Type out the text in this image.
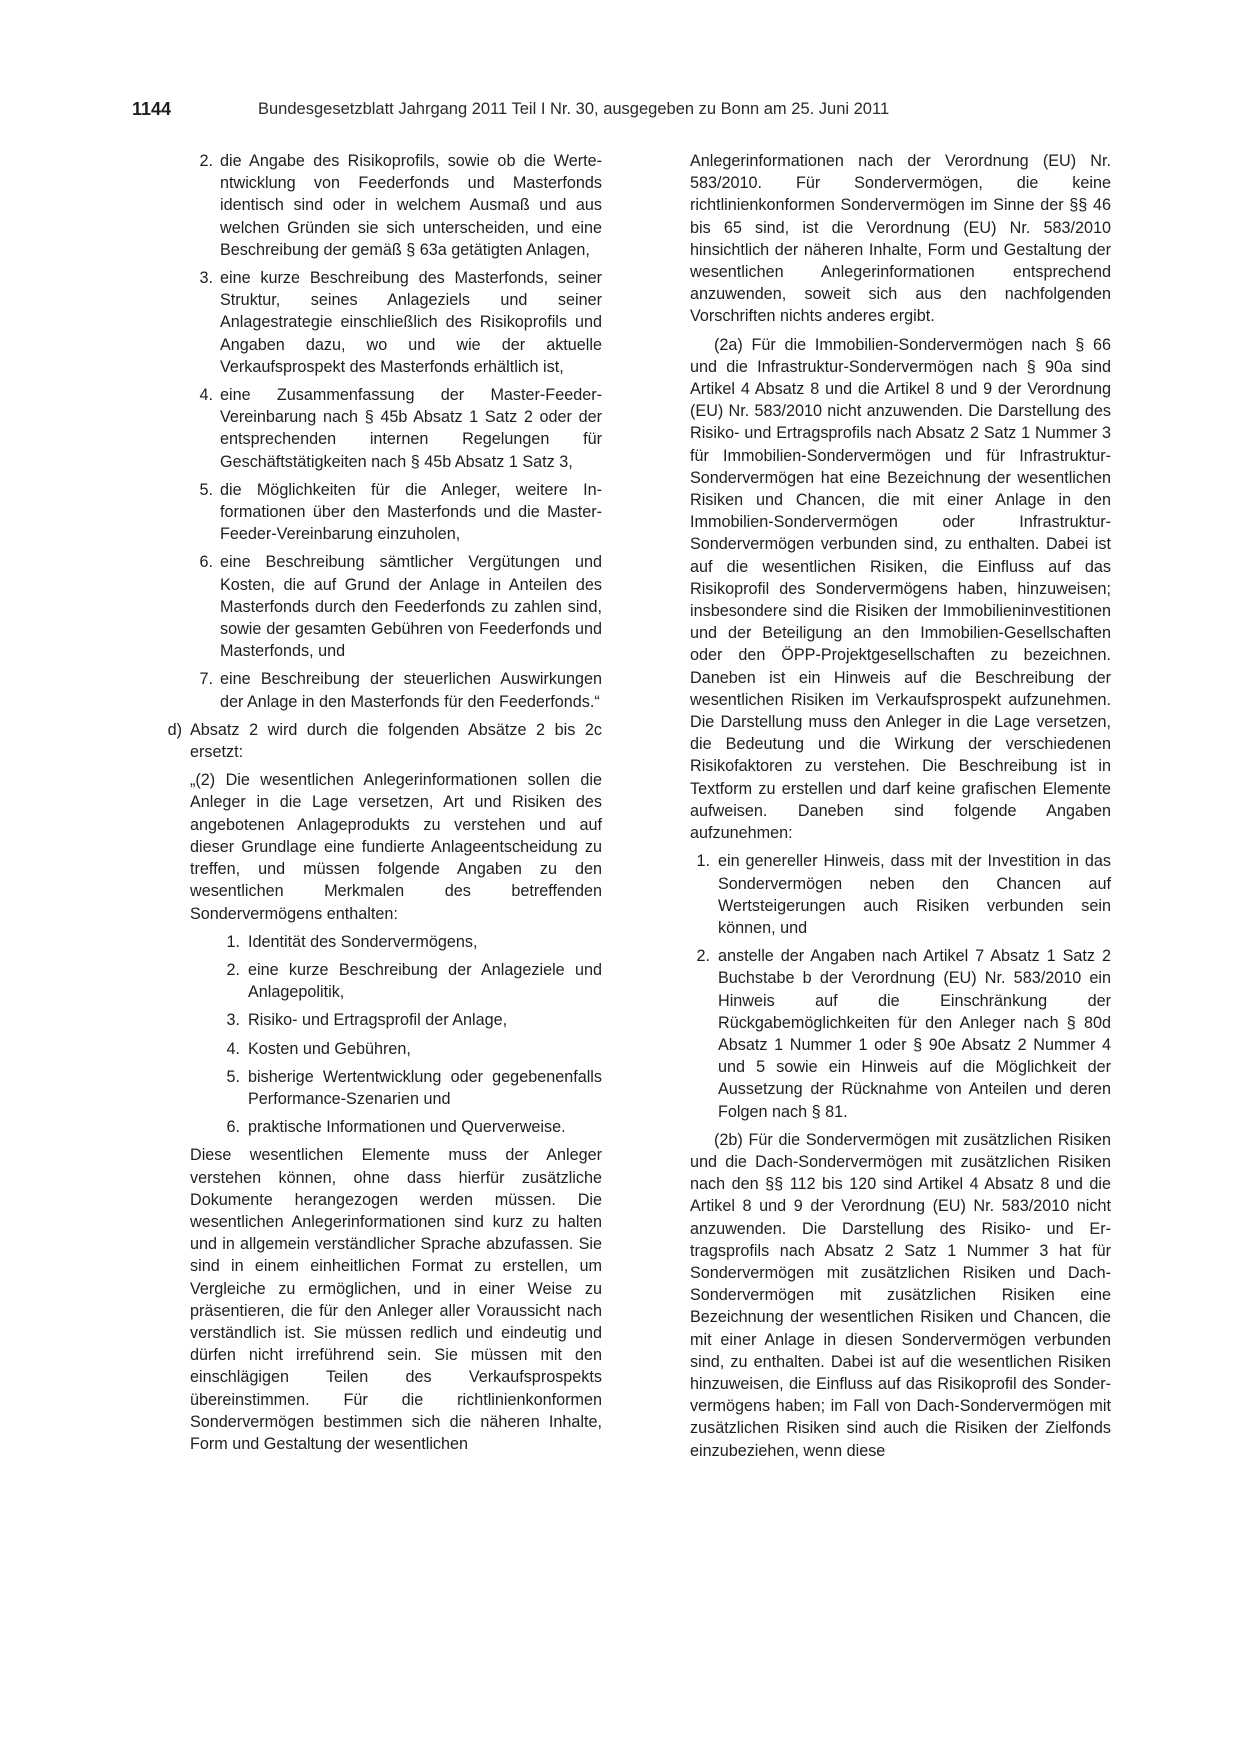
1144	Bundesgesetzblatt Jahrgang 2011 Teil I Nr. 30, ausgegeben zu Bonn am 25. Juni 2011
2. die Angabe des Risikoprofils, sowie ob die Wertentwicklung von Feederfonds und Masterfonds identisch sind oder in welchem Ausmaß und aus welchen Gründen sie sich unterscheiden, und eine Beschreibung der gemäß § 63a getätigten Anlagen,
3. eine kurze Beschreibung des Masterfonds, seiner Struktur, seines Anlageziels und seiner Anlagestrategie einschließlich des Risikoprofils und Angaben dazu, wo und wie der aktuelle Verkaufsprospekt des Masterfonds erhältlich ist,
4. eine Zusammenfassung der Master-Feeder-Vereinbarung nach § 45b Absatz 1 Satz 2 oder der entsprechenden internen Regelungen für Geschäftstätigkeiten nach § 45b Absatz 1 Satz 3,
5. die Möglichkeiten für die Anleger, weitere Informationen über den Masterfonds und die Master-Feeder-Vereinbarung einzuholen,
6. eine Beschreibung sämtlicher Vergütungen und Kosten, die auf Grund der Anlage in Anteilen des Masterfonds durch den Feederfonds zu zahlen sind, sowie der gesamten Gebühren von Feederfonds und Masterfonds, und
7. eine Beschreibung der steuerlichen Auswirkungen der Anlage in den Masterfonds für den Feederfonds.“
d) Absatz 2 wird durch die folgenden Absätze 2 bis 2c ersetzt:

„(2) Die wesentlichen Anlegerinformationen sollen die Anleger in die Lage versetzen, Art und Risiken des angebotenen Anlageprodukts zu verstehen und auf dieser Grundlage eine fundierte Anlageentscheidung zu treffen, und müssen folgende Angaben zu den wesentlichen Merkmalen des betreffenden Sondervermögens enthalten:

1. Identität des Sondervermögens,
2. eine kurze Beschreibung der Anlageziele und Anlagepolitik,
3. Risiko- und Ertragsprofil der Anlage,
4. Kosten und Gebühren,
5. bisherige Wertentwicklung oder gegebenenfalls Performance-Szenarien und
6. praktische Informationen und Querverweise.

Diese wesentlichen Elemente muss der Anleger verstehen können, ohne dass hierfür zusätzliche Dokumente herangezogen werden müssen. Die wesentlichen Anlegerinformationen sind kurz zu halten und in allgemein verständlicher Sprache abzufassen. Sie sind in einem einheitlichen Format zu erstellen, um Vergleiche zu ermöglichen, und in einer Weise zu präsentieren, die für den Anleger aller Voraussicht nach verständlich ist. Sie müssen redlich und eindeutig und dürfen nicht irreführend sein. Sie müssen mit den einschlägigen Teilen des Verkaufsprospekts übereinstimmen. Für die richtlinienkonformen Sondervermögen bestimmen sich die näheren Inhalte, Form und Gestaltung der wesentlichen

Anlegerinformationen nach der Verordnung (EU) Nr. 583/2010. Für Sondervermögen, die keine richtlinienkonformen Sondervermögen im Sinne der §§ 46 bis 65 sind, ist die Verordnung (EU) Nr. 583/2010 hinsichtlich der näheren Inhalte, Form und Gestaltung der wesentlichen Anlegerinformationen entsprechend anzuwenden, soweit sich aus den nachfolgenden Vorschriften nichts anderes ergibt.

(2a) Für die Immobilien-Sondervermögen nach § 66 und die Infrastruktur-Sondervermögen nach § 90a sind Artikel 4 Absatz 8 und die Artikel 8 und 9 der Verordnung (EU) Nr. 583/2010 nicht anzuwenden. Die Darstellung des Risiko- und Ertragsprofils nach Absatz 2 Satz 1 Nummer 3 für Immobilien-Sondervermögen und für Infrastruktur-Sondervermögen hat eine Bezeichnung der wesentlichen Risiken und Chancen, die mit einer Anlage in den Immobilien-Sondervermögen oder Infrastruktur-Sondervermögen verbunden sind, zu enthalten. Dabei ist auf die wesentlichen Risiken, die Einfluss auf das Risikoprofil des Sondervermögens haben, hinzuweisen; insbesondere sind die Risiken der Immobilieninvestitionen und der Beteiligung an den Immobilien-Gesellschaften oder den ÖPP-Projektgesellschaften zu bezeichnen. Daneben ist ein Hinweis auf die Beschreibung der wesentlichen Risiken im Verkaufsprospekt aufzunehmen. Die Darstellung muss den Anleger in die Lage versetzen, die Bedeutung und die Wirkung der verschiedenen Risikofaktoren zu verstehen. Die Beschreibung ist in Textform zu erstellen und darf keine grafischen Elemente aufweisen. Daneben sind folgende Angaben aufzunehmen:

1. ein genereller Hinweis, dass mit der Investition in das Sondervermögen neben den Chancen auf Wertsteigerungen auch Risiken verbunden sein können, und
2. anstelle der Angaben nach Artikel 7 Absatz 1 Satz 2 Buchstabe b der Verordnung (EU) Nr. 583/2010 ein Hinweis auf die Einschränkung der Rückgabemöglichkeiten für den Anleger nach § 80d Absatz 1 Nummer 1 oder § 90e Absatz 2 Nummer 4 und 5 sowie ein Hinweis auf die Möglichkeit der Aussetzung der Rücknahme von Anteilen und deren Folgen nach § 81.

(2b) Für die Sondervermögen mit zusätzlichen Risiken und die Dach-Sondervermögen mit zusätzlichen Risiken nach den §§ 112 bis 120 sind Artikel 4 Absatz 8 und die Artikel 8 und 9 der Verordnung (EU) Nr. 583/2010 nicht anzuwenden. Die Darstellung des Risiko- und Ertragsprofils nach Absatz 2 Satz 1 Nummer 3 hat für Sondervermögen mit zusätzlichen Risiken und Dach-Sondervermögen mit zusätzlichen Risiken eine Bezeichnung der wesentlichen Risiken und Chancen, die mit einer Anlage in diesen Sondervermögen verbunden sind, zu enthalten. Dabei ist auf die wesentlichen Risiken hinzuweisen, die Einfluss auf das Risikoprofil des Sondervermögens haben; im Fall von Dach-Sondervermögen mit zusätzlichen Risiken sind auch die Risiken der Zielfonds einzubeziehen, wenn diese
